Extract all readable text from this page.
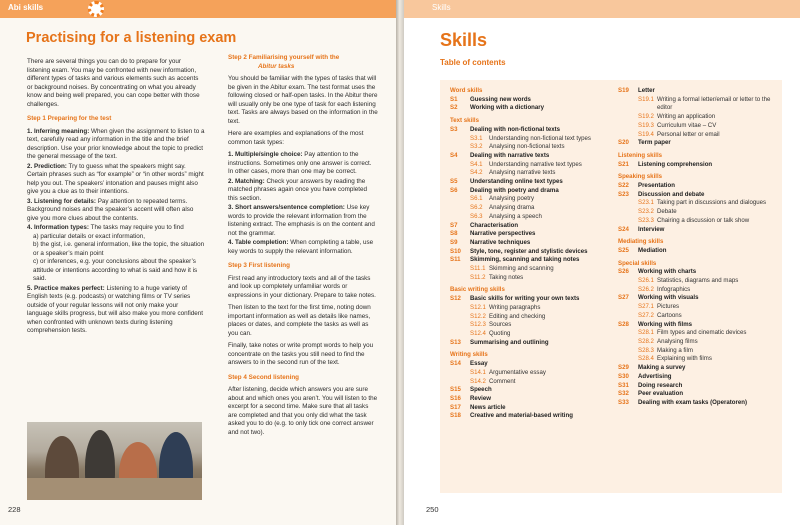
Abi skills
Practising for a listening exam

There are several things you can do to prepare for your listening exam. You may be confronted with new information, different types of tasks and various elements such as accents or background noises. By concentrating on what you already know and being well prepared, you can cope better with those challenges.

Step 1 Preparing for the test
1. Inferring meaning: When given the assignment to listen to a text, carefully read any information in the title and the brief description. Use your prior knowledge about the topic to predict the general message of the text.
2. Prediction: Try to guess what the speakers might say. Certain phrases such as “for example” or “in other words” might help you out. The speakers’ intonation and pauses might also give you a clue as to their intentions.
3. Listening for details: Pay attention to repeated terms. Background noises and the speaker’s accent willl often also give you more clues about the contents.
4. Information types: The tasks may require you to find
a) particular details or exact information,
b) the gist, i.e. general information, like the topic, the situation or a speaker’s main point
c) or inferences, e.g. your conclusions about the speaker’s attitude or intentions according to what is said and how it is said.
5. Practice makes perfect: Listening to a huge variety of English texts (e.g. podcasts) or watching films or TV series outside of your regular lessons will not only make your language skills progress, but will also make you more confident when confronted with unknown texts during listening comprehension tests.
Step 2 Familiarising yourself with the
Abitur tasks

You should be familiar with the types of tasks that will be given in the Abitur exam. The test format uses the following closed or half-open tasks. In the Abitur there will usually only be one type of task for each listening text. Tasks are always based on the information in the text.

Here are examples and explanations of the most common task types:

1. Multiple/single choice: Pay attention to the instructions. Sometimes only one answer is correct. In other cases, more than one may be correct.
2. Matching: Check your answers by reading the matched phrases again once you have completed this section.
3. Short answers/sentence completion: Use key words to provide the relevant information from the listening extract. The emphasis is on the content and not the grammar.
4. Table completion: When completing a table, use key words to supply the relevant information.
Step 3 First listening

First read any introductory texts and all of the tasks and look up completely unfamiliar words or expressions in your dictionary. Prepare to take notes.

Then listen to the text for the first time, noting down important information as well as details like names, places or dates, and complete the tasks as well as you can.

Finally, take notes or write prompt words to help you concentrate on the tasks you still need to find the answers to in the second run of the text.

Step 4 Second listening

After listening, decide which answers you are sure about and which ones you aren’t. You will listen to the excerpt for a second time. Make sure that all tasks are completed and that you only did what the task asked you to do (e.g. to only tick one correct answer and not two).

228
Skills
Skills
Table of contents
Word skills
S1	Guessing new words
S2	Working with a dictionary
Text skills
S3	Dealing with non-fictional texts
S3.1	Understanding non-fictional text types
S3.2	Analysing non-fictional texts
S4	Dealing with narrative texts
S4.1	Understanding narrative text types
S4.2	Analysing narrative texts
S5	Understanding online text types
S6	Dealing with poetry and drama
S6.1	Analysing poetry
S6.2	Analysing drama
S6.3	Analysing a speech
S7	Characterisation
S8	Narrative perspectives
S9	Narrative techniques
S10	Style, tone, register and stylistic devices
S11	Skimming, scanning and taking notes
S11.1 Skimming and scanning
S11.2 Taking notes
Basic writing skills
S12	Basic skills for writing your own texts
S12.1 Writing paragraphs
S12.2 Editing and checking
S12.3 Sources
S12.4 Quoting
S13	Summarising and outlining
Writing skills
S14	Essay
S14.1 Argumentative essay
S14.2 Comment
S15	Speech
S16	Review
S17	News article
S18	Creative and material-based writing
S19	Letter
S19.1 Writing a formal letter/email or letter to the editor
S19.2 Writing an application
S19.3 Curriculum vitae – CV
S19.4 Personal letter or email
S20	Term paper
Listening skills
S21	Listening comprehension
Speaking skills
S22	Presentation
S23	Discussion and debate
S23.1 Taking part in discussions and dialogues
S23.2 Debate
S23.3 Chairing a discussion or talk show
S24	Interview
Mediating skills
S25	Mediation
Special skills
S26	Working with charts
S26.1 Statistics, diagrams and maps
S26.2 Infographics
S27	Working with visuals
S27.1 Pictures
S27.2 Cartoons
S28	Working with films
S28.1 Film types and cinematic devices
S28.2 Analysing films
S28.3 Making a film
S28.4 Explaining with films
S29	Making a survey
S30	Advertising
S31	Doing research
S32	Peer evaluation
S33	Dealing with exam tasks (Operatoren)
250
